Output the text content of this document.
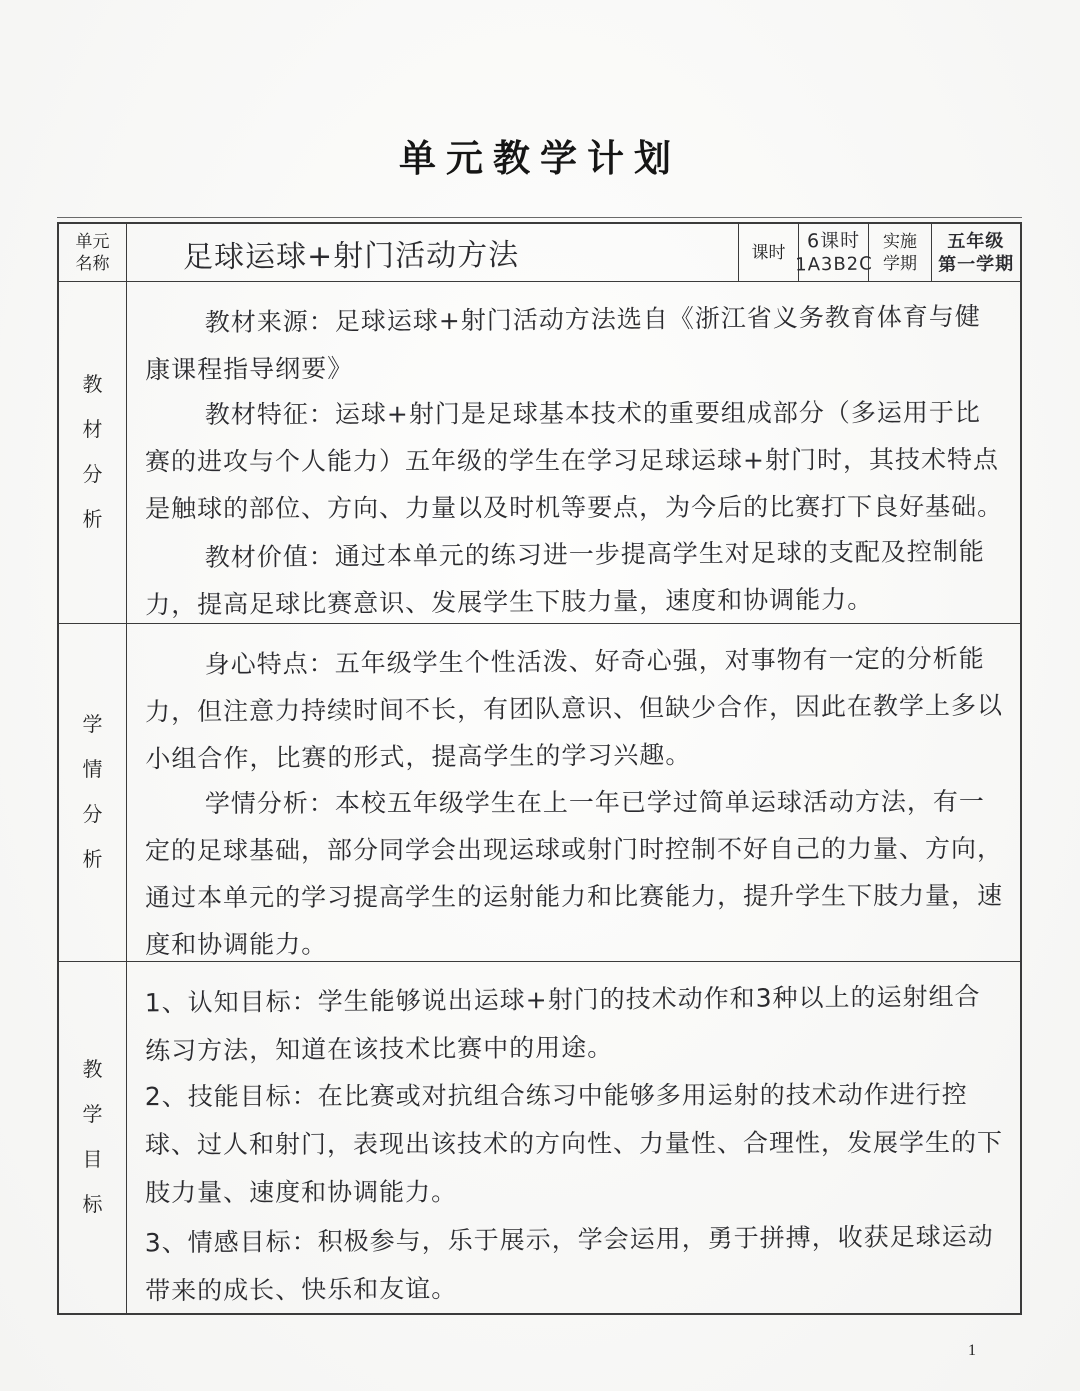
单元教学计划
单元名称 足球运球+射门活动方法	课时
6课时
1A3B2C
实施学期
五年级
第一学期
教材分析

教材来源：足球运球+射门活动方法选自《浙江省义务教育体育与健康课程指导纲要》

教材特征：运球+射门是足球基本技术的重要组成部分（多运用于比赛的进攻与个人能力）五年级的学生在学习足球运球+射门时，其技术特点是触球的部位、方向、力量以及时机等要点，为今后的比赛打下良好基础。

教材价值：通过本单元的练习进一步提高学生对足球的支配及控制能力，提高足球比赛意识、发展学生下肢力量，速度和协调能力。

学情分析

身心特点：五年级学生个性活泼、好奇心强，对事物有一定的分析能力，但注意力持续时间不长，有团队意识、但缺少合作，因此在教学上多以小组合作，比赛的形式，提高学生的学习兴趣。

学情分析：本校五年级学生在上一年已学过简单运球活动方法，有一定的足球基础，部分同学会出现运球或射门时控制不好自己的力量、方向，通过本单元的学习提高学生的运射能力和比赛能力，提升学生下肢力量，速度和协调能力。

教学目标

1、认知目标：学生能够说出运球+射门的技术动作和3种以上的运射组合练习方法，知道在该技术比赛中的用途。

2、技能目标：在比赛或对抗组合练习中能够多用运射的技术动作进行控球、过人和射门，表现出该技术的方向性、力量性、合理性，发展学生的下肢力量、速度和协调能力。

3、情感目标：积极参与，乐于展示，学会运用，勇于拼搏，收获足球运动带来的成长、快乐和友谊。

1
